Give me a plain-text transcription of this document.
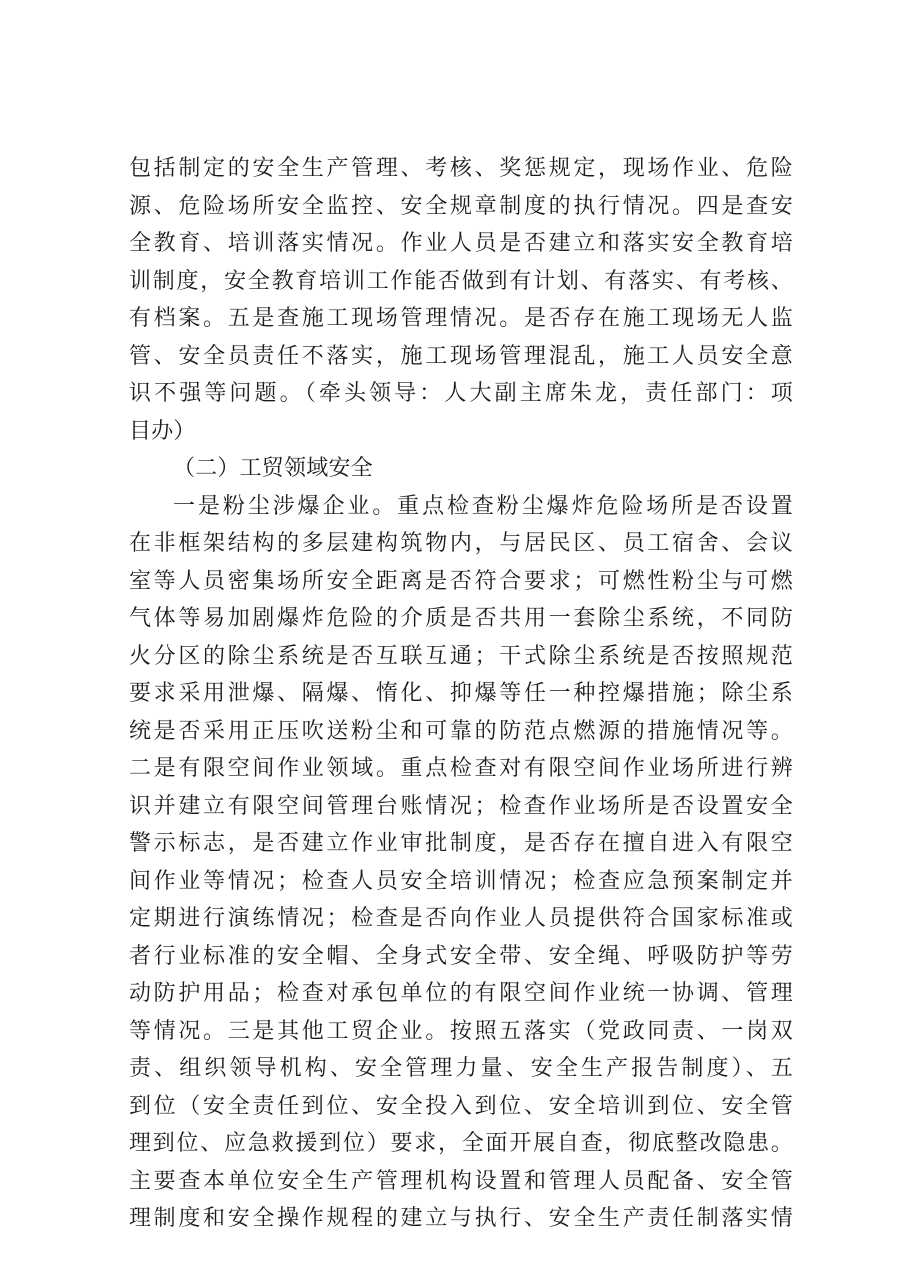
包括制定的安全生产管理、考核、奖惩规定，现场作业、危险
源、危险场所安全监控、安全规章制度的执行情况。四是查安
全教育、培训落实情况。作业人员是否建立和落实安全教育培
训制度，安全教育培训工作能否做到有计划、有落实、有考核、
有档案。五是查施工现场管理情况。是否存在施工现场无人监
管、安全员责任不落实，施工现场管理混乱，施工人员安全意
识不强等问题。（牵头领导：人大副主席朱龙，责任部门：项
目办）
（二）工贸领域安全
一是粉尘涉爆企业。重点检查粉尘爆炸危险场所是否设置
在非框架结构的多层建构筑物内，与居民区、员工宿舍、会议
室等人员密集场所安全距离是否符合要求；可燃性粉尘与可燃
气体等易加剧爆炸危险的介质是否共用一套除尘系统，不同防
火分区的除尘系统是否互联互通；干式除尘系统是否按照规范
要求采用泄爆、隔爆、惰化、抑爆等任一种控爆措施；除尘系
统是否采用正压吹送粉尘和可靠的防范点燃源的措施情况等。
二是有限空间作业领域。重点检查对有限空间作业场所进行辨
识并建立有限空间管理台账情况；检查作业场所是否设置安全
警示标志，是否建立作业审批制度，是否存在擅自进入有限空
间作业等情况；检查人员安全培训情况；检查应急预案制定并
定期进行演练情况；检查是否向作业人员提供符合国家标准或
者行业标准的安全帽、全身式安全带、安全绳、呼吸防护等劳
动防护用品；检查对承包单位的有限空间作业统一协调、管理
等情况。三是其他工贸企业。按照五落实（党政同责、一岗双
责、组织领导机构、安全管理力量、安全生产报告制度）、五
到位（安全责任到位、安全投入到位、安全培训到位、安全管
理到位、应急救援到位）要求，全面开展自查，彻底整改隐患。
主要查本单位安全生产管理机构设置和管理人员配备、安全管
理制度和安全操作规程的建立与执行、安全生产责任制落实情
